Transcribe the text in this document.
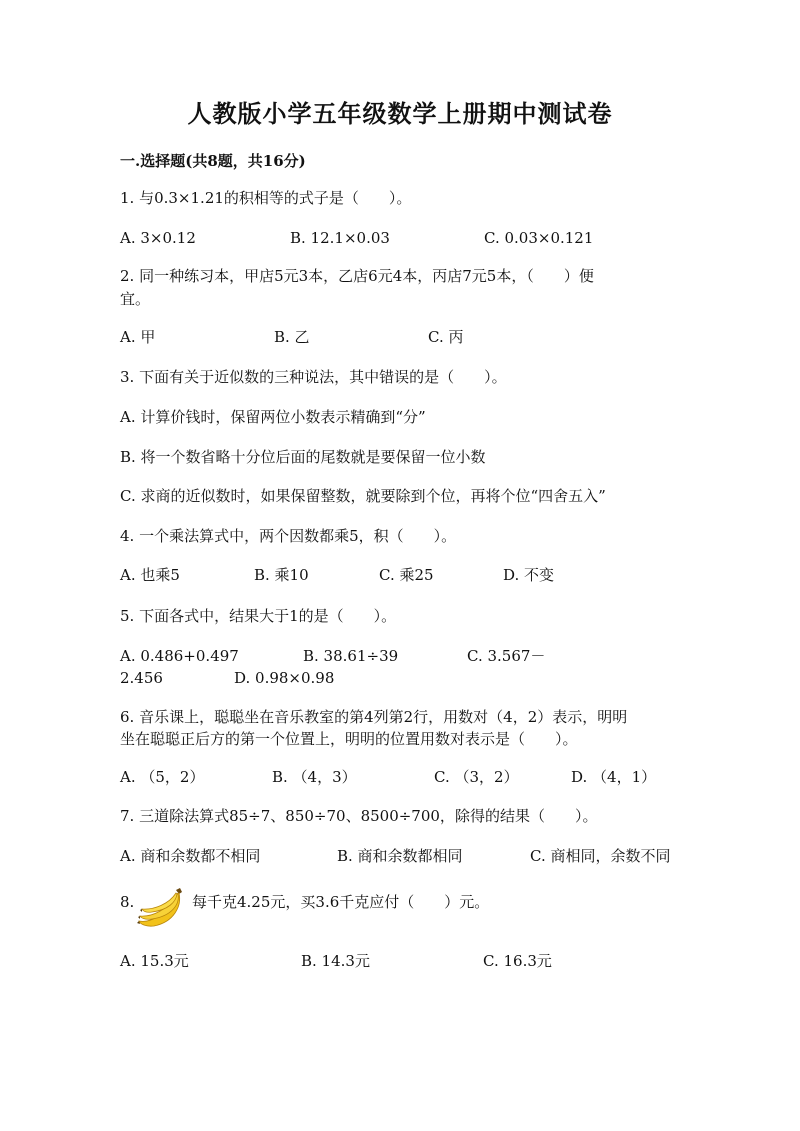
人教版小学五年级数学上册期中测试卷
一.选择题(共8题，共16分)
1. 与0.3×1.21的积相等的式子是（　　）。
A. 3×0.12	B. 12.1×0.03	C. 0.03×0.121
2. 同一种练习本，甲店5元3本，乙店6元4本，丙店7元5本，（　　）便
宜。
A. 甲	B. 乙	C. 丙
3. 下面有关于近似数的三种说法，其中错误的是（　　）。
A. 计算价钱时，保留两位小数表示精确到“分”
B. 将一个数省略十分位后面的尾数就是要保留一位小数
C. 求商的近似数时，如果保留整数，就要除到个位，再将个位“四舍五入”
4. 一个乘法算式中，两个因数都乘5，积（　　）。
A. 也乘5	B. 乘10	C. 乘25	D. 不变
5. 下面各式中，结果大于1的是（　　）。
A. 0.486+0.497	B. 38.61÷39	C. 3.567－
2.456	D. 0.98×0.98
6. 音乐课上，聪聪坐在音乐教室的第4列第2行，用数对（4，2）表示，明明
坐在聪聪正后方的第一个位置上，明明的位置用数对表示是（　　）。
A. （5，2）	B. （4，3）	C. （3，2）	D. （4，1）
7. 三道除法算式85÷7、850÷70、8500÷700，除得的结果（　　）。
A. 商和余数都不相同	B. 商和余数都相同	C. 商相同，余数不同
8.	每千克4.25元，买3.6千克应付（　　）元。
A. 15.3元	B. 14.3元	C. 16.3元
